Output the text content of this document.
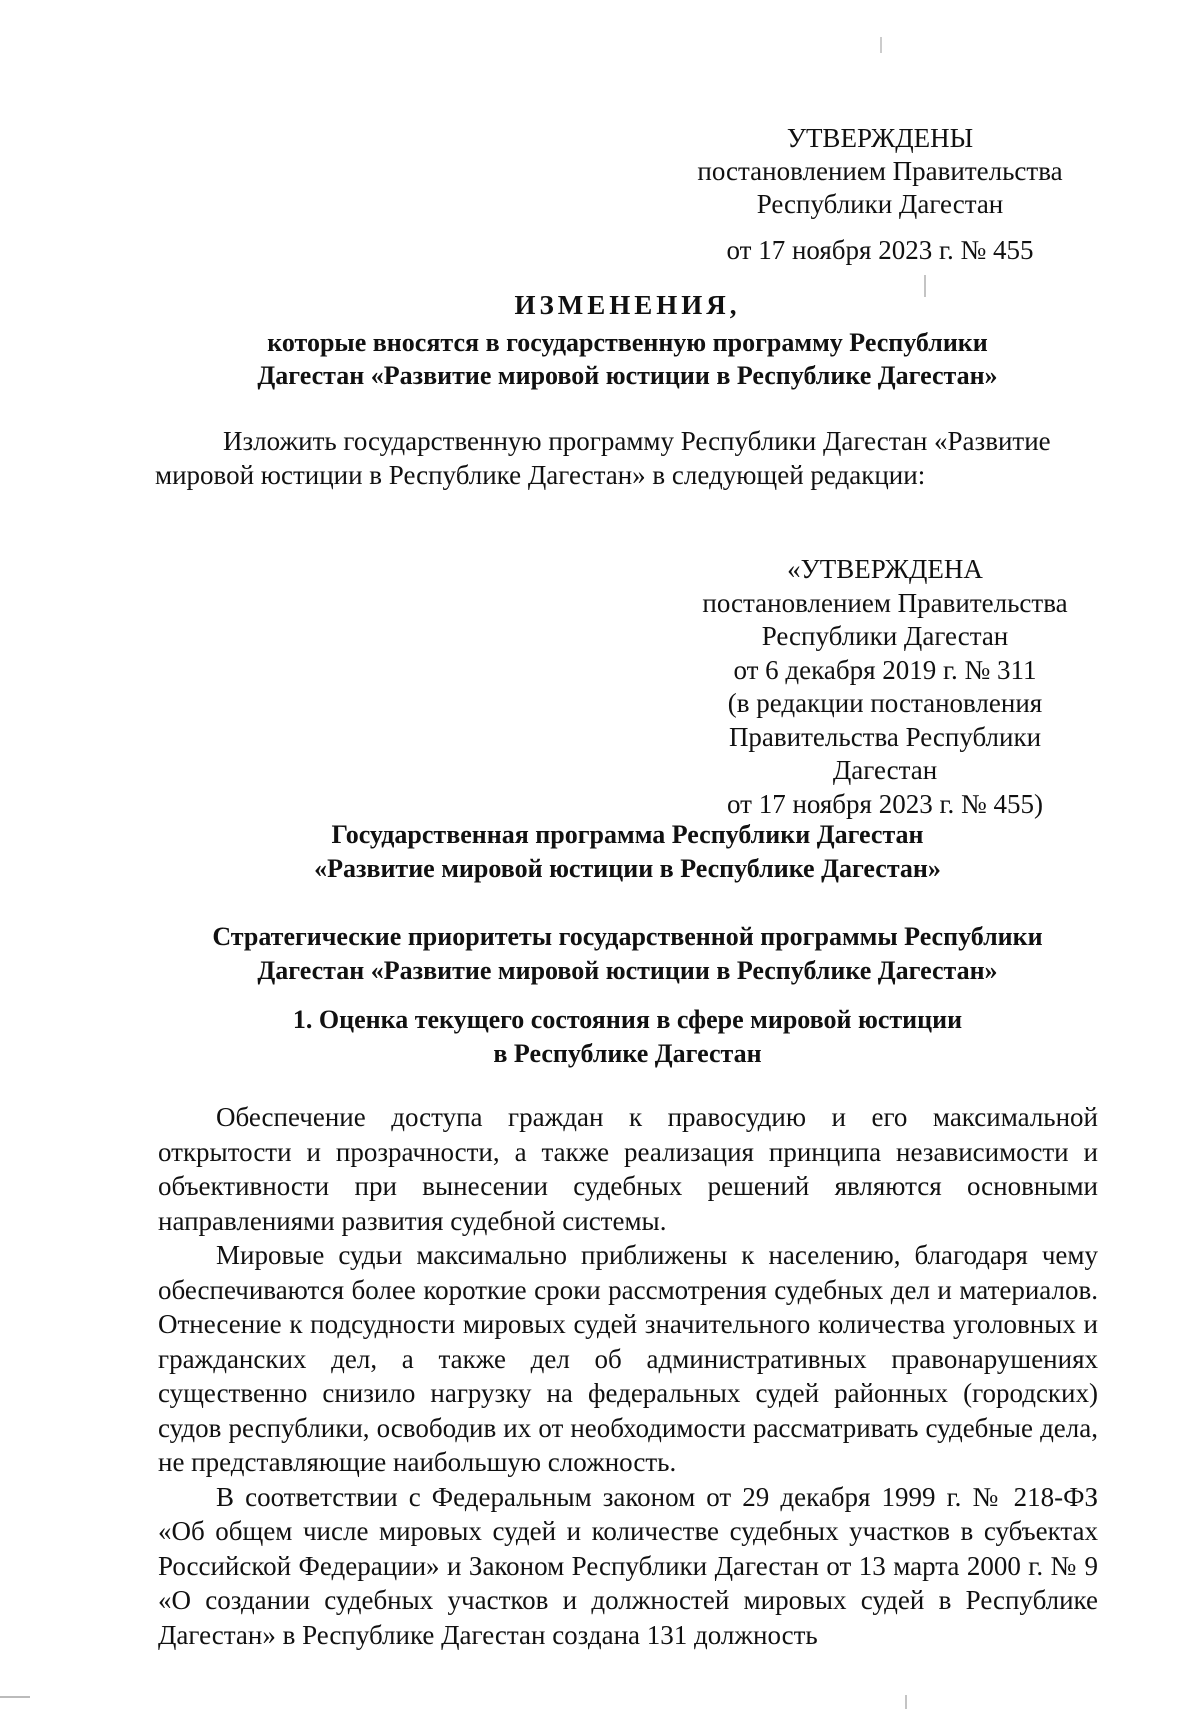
УТВЕРЖДЕНЫ
постановлением Правительства
Республики Дагестан
от 17 ноября 2023 г. № 455
ИЗМЕНЕНИЯ,
которые вносятся в государственную программу Республики
Дагестан «Развитие мировой юстиции в Республике Дагестан»
Изложить государственную программу Республики Дагестан «Развитие
мировой юстиции в Республике Дагестан» в следующей редакции:
«УТВЕРЖДЕНА
постановлением Правительства
Республики Дагестан
от 6 декабря 2019 г. № 311
(в редакции постановления
Правительства Республики
Дагестан
от 17 ноября 2023 г. № 455)
Государственная программа Республики Дагестан
«Развитие мировой юстиции в Республике Дагестан»
Стратегические приоритеты государственной программы Республики
Дагестан «Развитие мировой юстиции в Республике Дагестан»
1. Оценка текущего состояния в сфере мировой юстиции
в Республике Дагестан

Обеспечение доступа граждан к правосудию и его максимальной открытости и прозрачности, а также реализация принципа независимости и объективности при вынесении судебных решений являются основными направлениями развития судебной системы.

Мировые судьи максимально приближены к населению, благодаря чему обеспечиваются более короткие сроки рассмотрения судебных дел и материалов. Отнесение к подсудности мировых судей значительного количества уголовных и гражданских дел, а также дел об административных правонарушениях существенно снизило нагрузку на федеральных судей районных (городских) судов республики, освободив их от необходимости рассматривать судебные дела, не представляющие наибольшую сложность.

В соответствии с Федеральным законом от 29 декабря 1999 г. № 218-ФЗ «Об общем числе мировых судей и количестве судебных участков в субъектах Российской Федерации» и Законом Республики Дагестан от 13 марта 2000 г. № 9 «О создании судебных участков и должностей мировых судей в Республике Дагестан» в Республике Дагестан создана 131 должность
